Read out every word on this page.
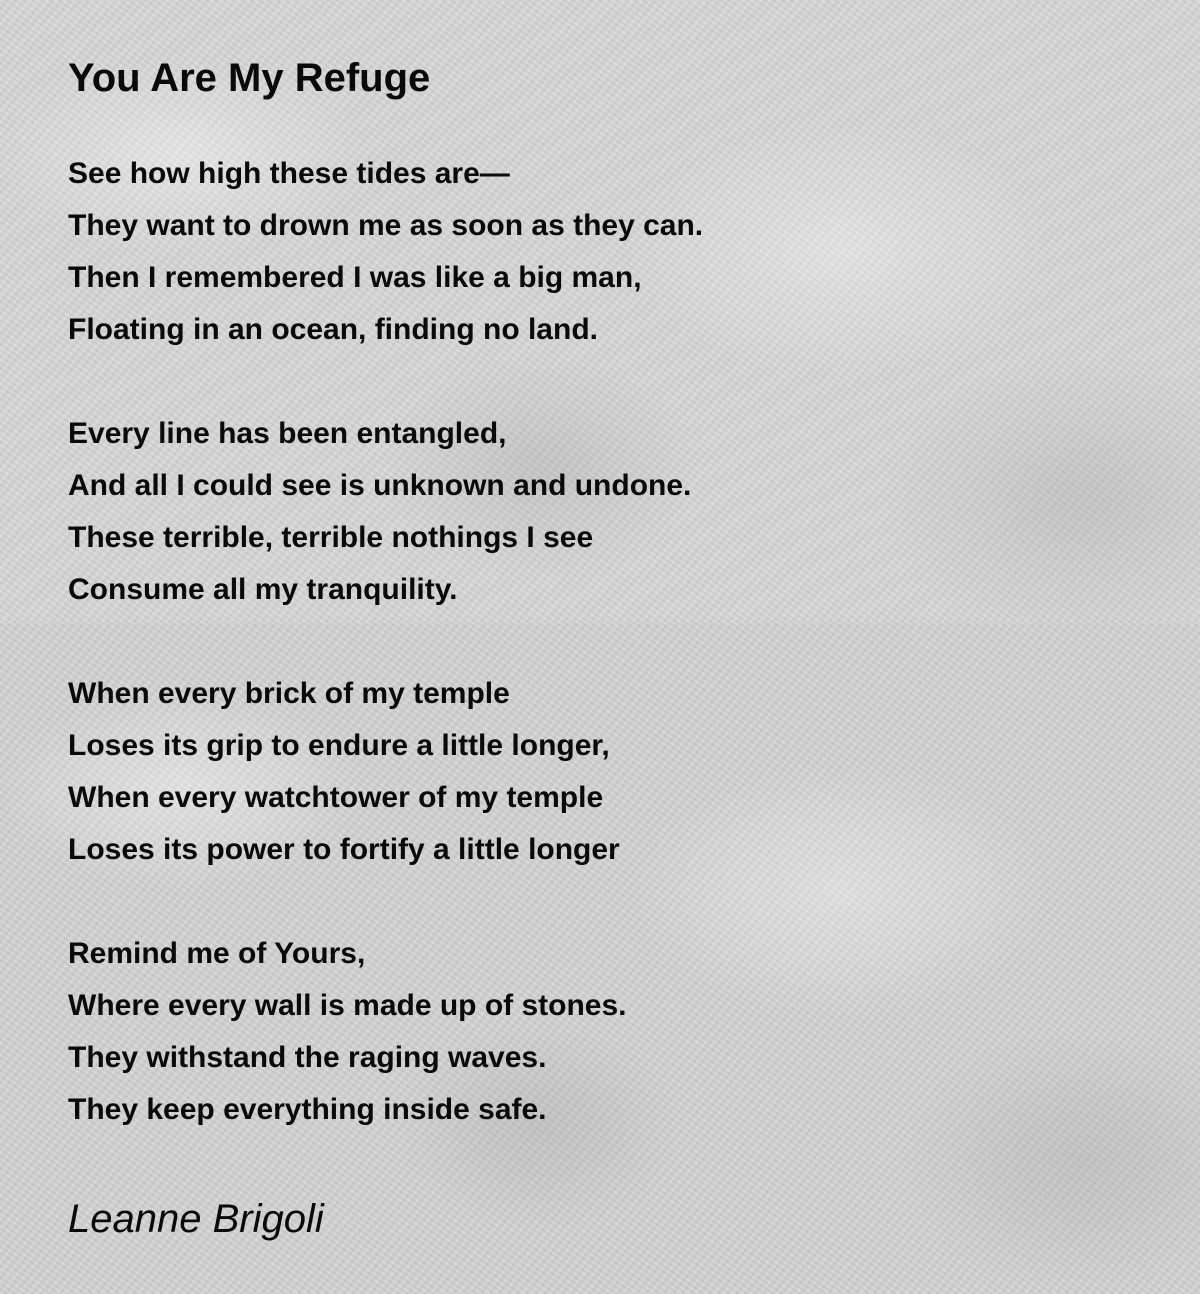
You Are My Refuge
See how high these tides are—
They want to drown me as soon as they can.
Then I remembered I was like a big man,
Floating in an ocean, finding no land.
Every line has been entangled,
And all I could see is unknown and undone.
These terrible, terrible nothings I see
Consume all my tranquility.
When every brick of my temple
Loses its grip to endure a little longer,
When every watchtower of my temple
Loses its power to fortify a little longer
Remind me of Yours,
Where every wall is made up of stones.
They withstand the raging waves.
They keep everything inside safe.
Leanne Brigoli
